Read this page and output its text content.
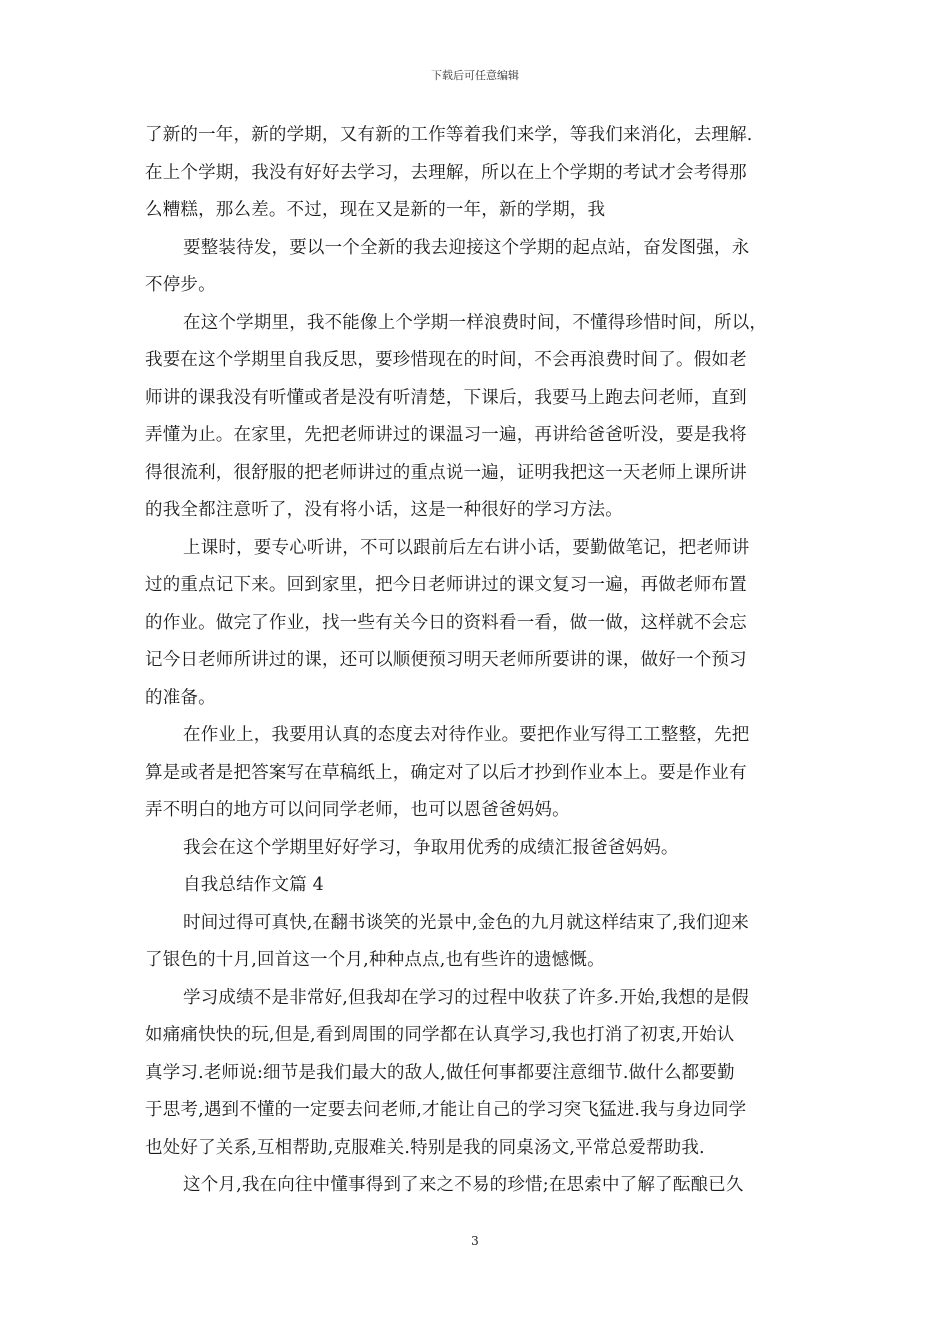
下载后可任意编辑
了新的一年，新的学期，又有新的工作等着我们来学，等我们来消化，去理解.
在上个学期，我没有好好去学习，去理解，所以在上个学期的考试才会考得那
么糟糕，那么差。不过，现在又是新的一年，新的学期，我
要整装待发，要以一个全新的我去迎接这个学期的起点站，奋发图强，永
不停步。
在这个学期里，我不能像上个学期一样浪费时间，不懂得珍惜时间，所以，
我要在这个学期里自我反思，要珍惜现在的时间，不会再浪费时间了。假如老
师讲的课我没有听懂或者是没有听清楚，下课后，我要马上跑去问老师，直到
弄懂为止。在家里，先把老师讲过的课温习一遍，再讲给爸爸听没，要是我将
得很流利，很舒服的把老师讲过的重点说一遍，证明我把这一天老师上课所讲
的我全都注意听了，没有将小话，这是一种很好的学习方法。
上课时，要专心听讲，不可以跟前后左右讲小话，要勤做笔记，把老师讲
过的重点记下来。回到家里，把今日老师讲过的课文复习一遍，再做老师布置
的作业。做完了作业，找一些有关今日的资料看一看，做一做，这样就不会忘
记今日老师所讲过的课，还可以顺便预习明天老师所要讲的课，做好一个预习
的准备。
在作业上，我要用认真的态度去对待作业。要把作业写得工工整整，先把
算是或者是把答案写在草稿纸上，确定对了以后才抄到作业本上。要是作业有
弄不明白的地方可以问同学老师，也可以恩爸爸妈妈。
我会在这个学期里好好学习，争取用优秀的成绩汇报爸爸妈妈。
自我总结作文篇 4
时间过得可真快,在翻书谈笑的光景中,金色的九月就这样结束了,我们迎来
了银色的十月,回首这一个月,种种点点,也有些许的遗憾慨。
学习成绩不是非常好,但我却在学习的过程中收获了许多.开始,我想的是假
如痛痛快快的玩,但是,看到周围的同学都在认真学习,我也打消了初衷,开始认
真学习.老师说:细节是我们最大的敌人,做任何事都要注意细节.做什么都要勤
于思考,遇到不懂的一定要去问老师,才能让自己的学习突飞猛进.我与身边同学
也处好了关系,互相帮助,克服难关.特别是我的同桌汤文,平常总爱帮助我.
这个月,我在向往中懂事得到了来之不易的珍惜;在思索中了解了酝酿已久
3
